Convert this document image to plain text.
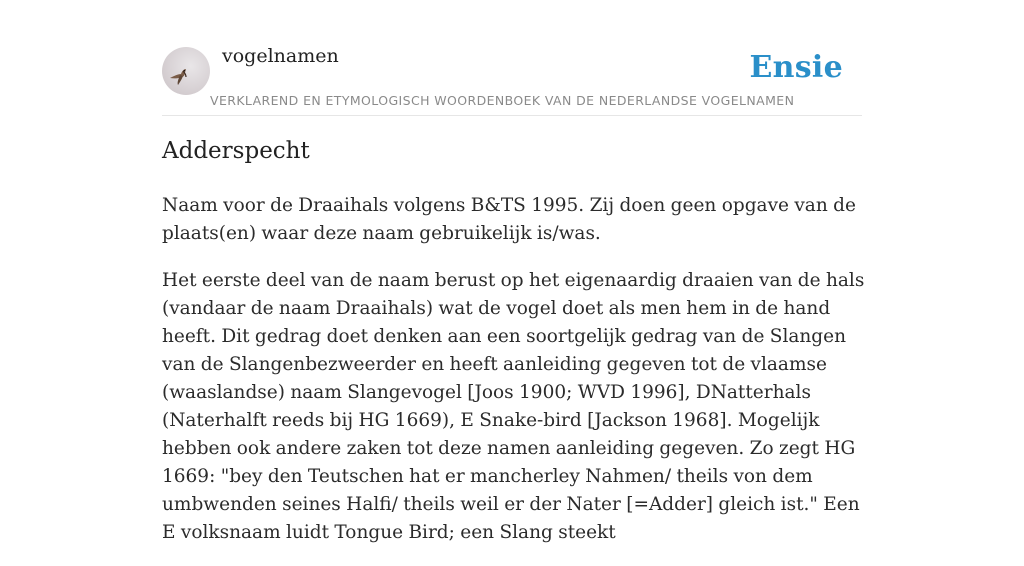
vogelnamen	Ensie
VERKLAREND EN ETYMOLOGISCH WOORDENBOEK VAN DE NEDERLANDSE VOGELNAMEN
Adderspecht

Naam voor de Draaihals volgens B&TS 1995. Zij doen geen opgave van de plaats(en) waar deze naam gebruikelijk is/was.

Het eerste deel van de naam berust op het eigenaardig draaien van de hals (vandaar de naam Draaihals) wat de vogel doet als men hem in de hand heeft. Dit gedrag doet denken aan een soortgelijk gedrag van de Slangen van de Slangenbezweerder en heeft aanleiding gegeven tot de vlaamse (waaslandse) naam Slangevogel [Joos 1900; WVD 1996], DNatterhals (Naterhalft reeds bij HG 1669), E Snake-bird [Jackson 1968]. Mogelijk hebben ook andere zaken tot deze namen aanleiding gegeven. Zo zegt HG 1669: "bey den Teutschen hat er mancherley Nahmen/ theils von dem umbwenden seines Halfi/ theils weil er der Nater [=Adder] gleich ist." Een E volksnaam luidt Tongue Bird; een Slang steekt
